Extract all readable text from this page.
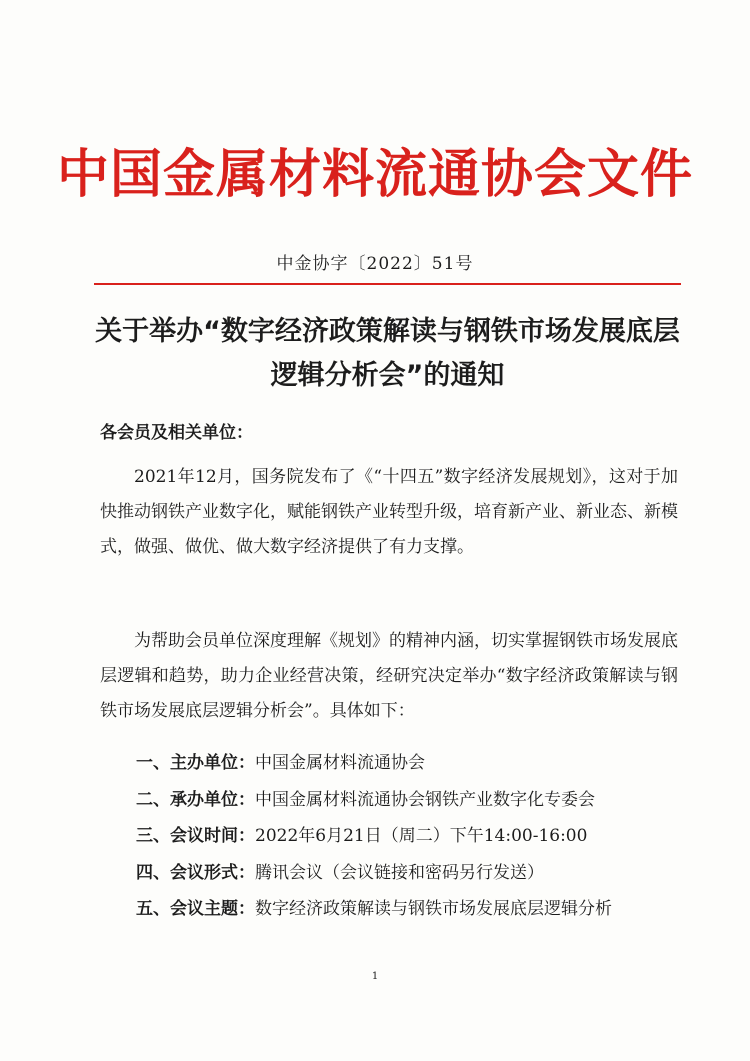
中国金属材料流通协会文件
中金协字〔2022〕51号
关于举办“数字经济政策解读与钢铁市场发展底层逻辑分析会”的通知
各会员及相关单位：

2021年12月，国务院发布了《“十四五”数字经济发展规划》，这对于加快推动钢铁产业数字化，赋能钢铁产业转型升级，培育新产业、新业态、新模式，做强、做优、做大数字经济提供了有力支撑。

为帮助会员单位深度理解《规划》的精神内涵，切实掌握钢铁市场发展底层逻辑和趋势，助力企业经营决策，经研究决定举办“数字经济政策解读与钢铁市场发展底层逻辑分析会”。具体如下：

一、主办单位：中国金属材料流通协会
二、承办单位：中国金属材料流通协会钢铁产业数字化专委会
三、会议时间：2022年6月21日（周二）下午14:00-16:00
四、会议形式：腾讯会议（会议链接和密码另行发送）
五、会议主题：数字经济政策解读与钢铁市场发展底层逻辑分析
1
